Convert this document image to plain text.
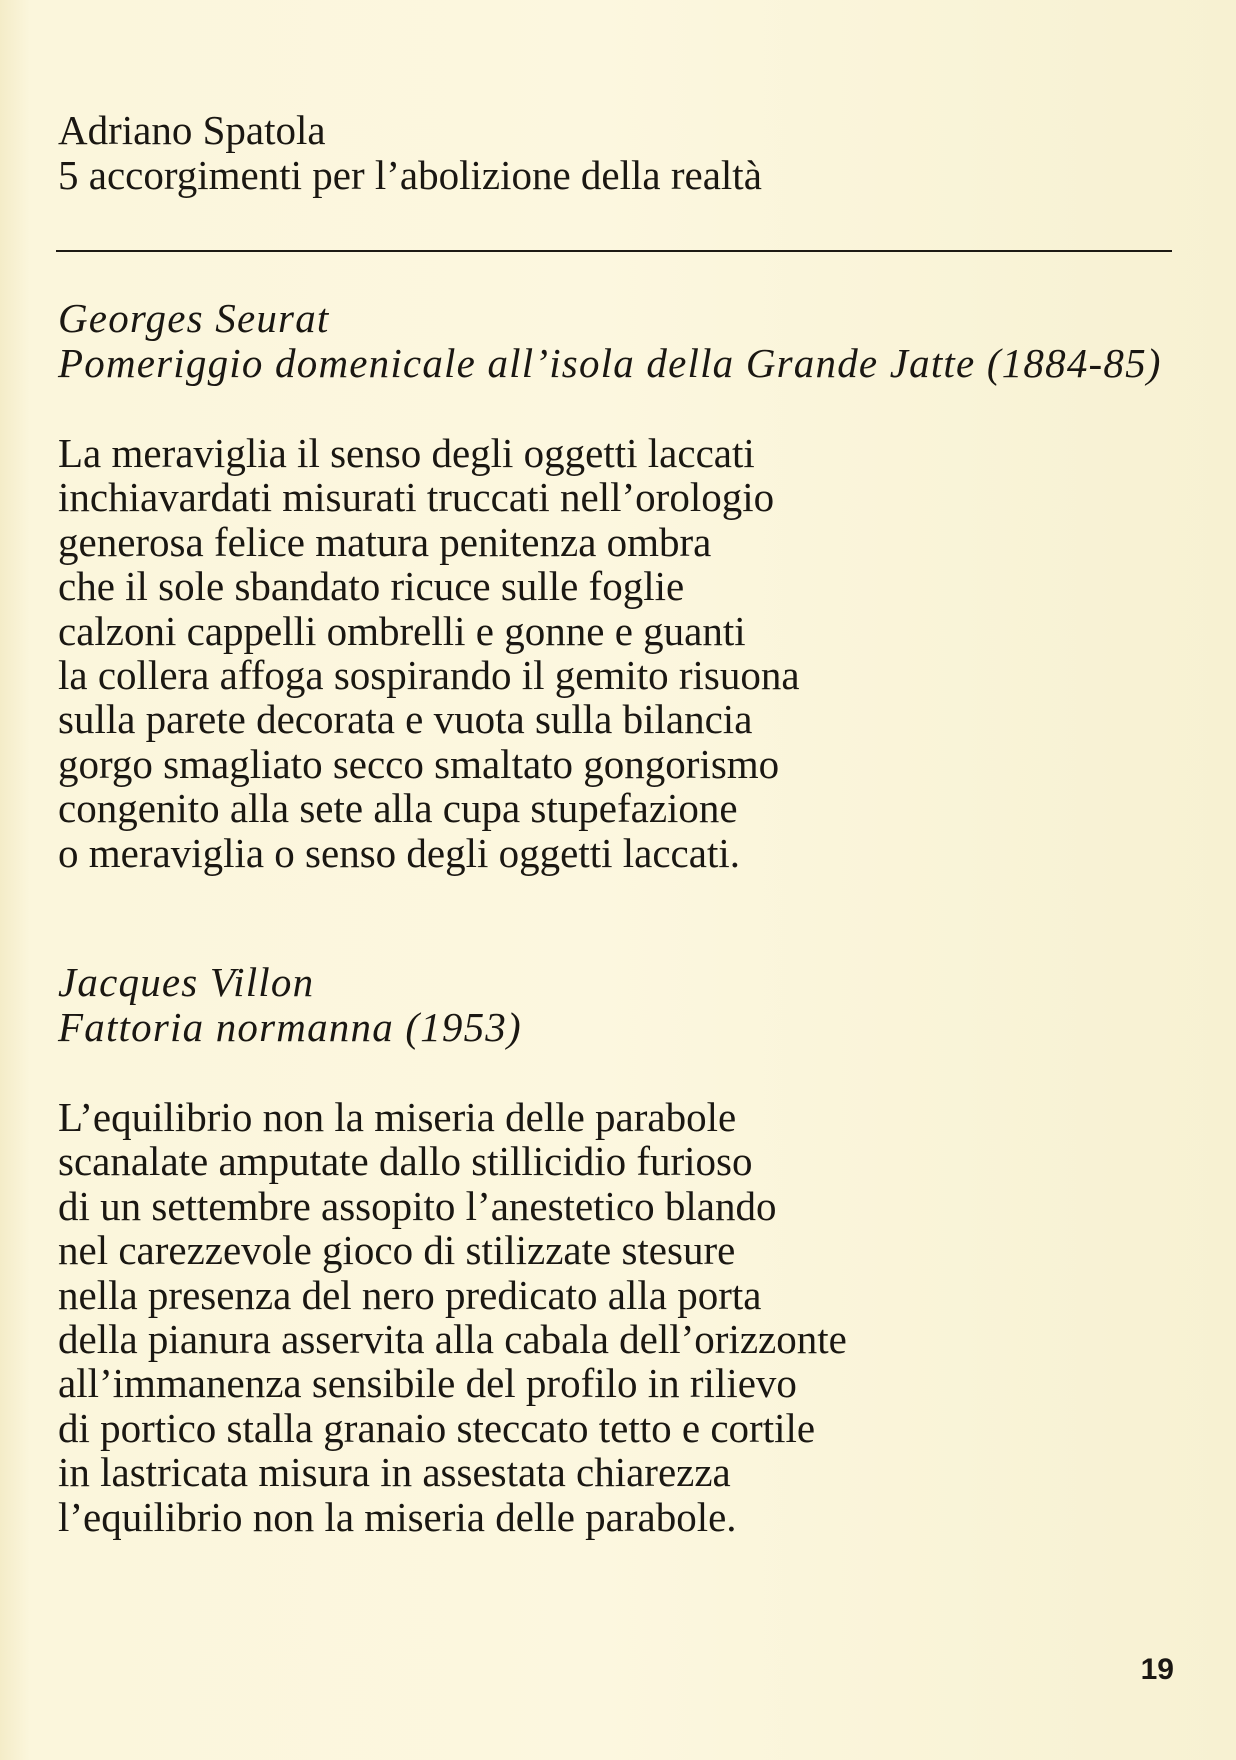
Adriano Spatola
5 accorgimenti per l’abolizione della realtà
Georges Seurat
Pomeriggio domenicale all’isola della Grande Jatte (1884-85)
La meraviglia il senso degli oggetti laccati
inchiavardati misurati truccati nell’orologio
generosa felice matura penitenza ombra
che il sole sbandato ricuce sulle foglie
calzoni cappelli ombrelli e gonne e guanti
la collera affoga sospirando il gemito risuona
sulla parete decorata e vuota sulla bilancia
gorgo smagliato secco smaltato gongorismo
congenito alla sete alla cupa stupefazione
o meraviglia o senso degli oggetti laccati.
Jacques Villon
Fattoria normanna (1953)
L’equilibrio non la miseria delle parabole
scanalate amputate dallo stillicidio furioso
di un settembre assopito l’anestetico blando
nel carezzevole gioco di stilizzate stesure
nella presenza del nero predicato alla porta
della pianura asservita alla cabala dell’orizzonte
all’immanenza sensibile del profilo in rilievo
di portico stalla granaio steccato tetto e cortile
in lastricata misura in assestata chiarezza
l’equilibrio non la miseria delle parabole.
19
